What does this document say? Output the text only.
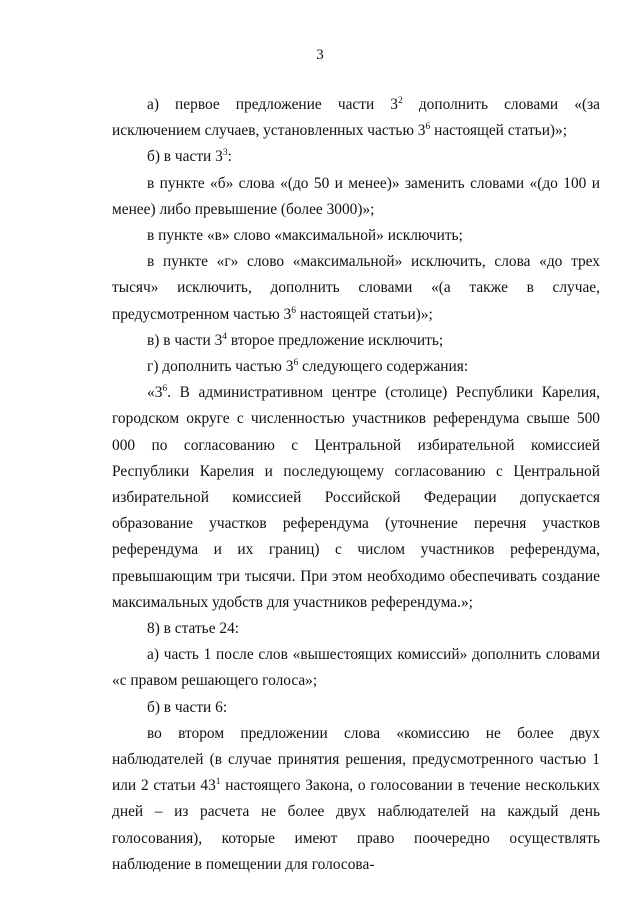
3

а) первое предложение части $3^2$ дополнить словами «(за исключением случаев, установленных частью $3^6$ настоящей статьи)»;

б) в части $3^3$:

в пункте «б» слова «(до 50 и менее)» заменить словами «(до 100 и менее) либо превышение (более 3000)»;

в пункте «в» слово «максимальной» исключить;

в пункте «г» слово «максимальной» исключить, слова «до трех тысяч» исключить, дополнить словами «(а также в случае, предусмотренном частью $3^6$ настоящей статьи)»;

в) в части $3^4$ второе предложение исключить;

г) дополнить частью $3^6$ следующего содержания:

«$3^6$. В административном центре (столице) Республики Карелия, городском округе с численностью участников референдума свыше 500 000 по согласованию с Центральной избирательной комиссией Республики Карелия и последующему согласованию с Центральной избирательной комиссией Российской Федерации допускается образование участков референдума (уточнение перечня участков референдума и их границ) с числом участников референдума, превышающим три тысячи. При этом необходимо обеспечивать создание максимальных удобств для участников референдума.»;

8) в статье 24:

а) часть 1 после слов «вышестоящих комиссий» дополнить словами «с правом решающего голоса»;

б) в части 6:

во втором предложении слова «комиссию не более двух наблюдателей (в случае принятия решения, предусмотренного частью 1 или 2 статьи $43^1$ настоящего Закона, о голосовании в течение нескольких дней – из расчета не более двух наблюдателей на каждый день голосования), которые имеют право поочередно осуществлять наблюдение в помещении для голосова-
